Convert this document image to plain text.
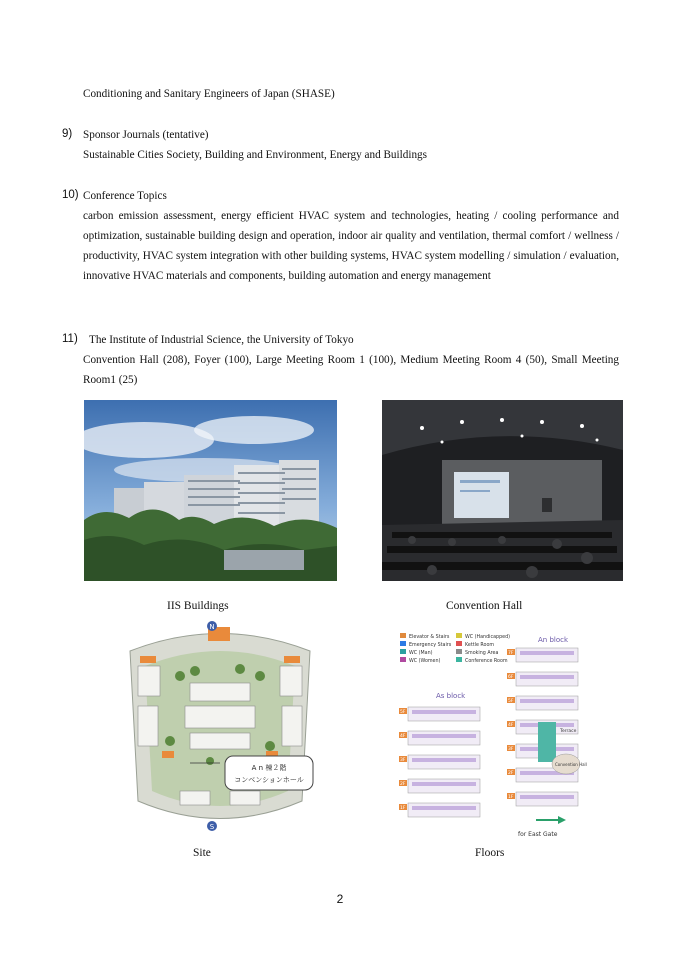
Conditioning and Sanitary Engineers of Japan (SHASE)
9) Sponsor Journals (tentative)
Sustainable Cities Society, Building and Environment, Energy and Buildings
10) Conference Topics
carbon emission assessment, energy efficient HVAC system and technologies, heating / cooling performance and optimization, sustainable building design and operation, indoor air quality and ventilation, thermal comfort / wellness / productivity, HVAC system integration with other building systems, HVAC system modelling / simulation / evaluation, innovative HVAC materials and components, building automation and energy management
11) The Institute of Industrial Science, the University of Tokyo
Convention Hall (208), Foyer (100), Large Meeting Room 1 (100), Medium Meeting Room 4 (50), Small Meeting Room1 (25)
IIS Buildings	Convention Hall
N
S
A n 棟２階
コンベンションホール
Elevator & Stairs
Emergency Stairs
WC (Man)
WC (Women)
WC (Handicapped)
Kettle Room
Smoking Area
Conference Room
An block
As block
5F
4F
3F
2F
1F
7F
6F
5F
4F
3F
2F
1F
Terrace
Convention Hall
for East Gate
Site	Floors
2
